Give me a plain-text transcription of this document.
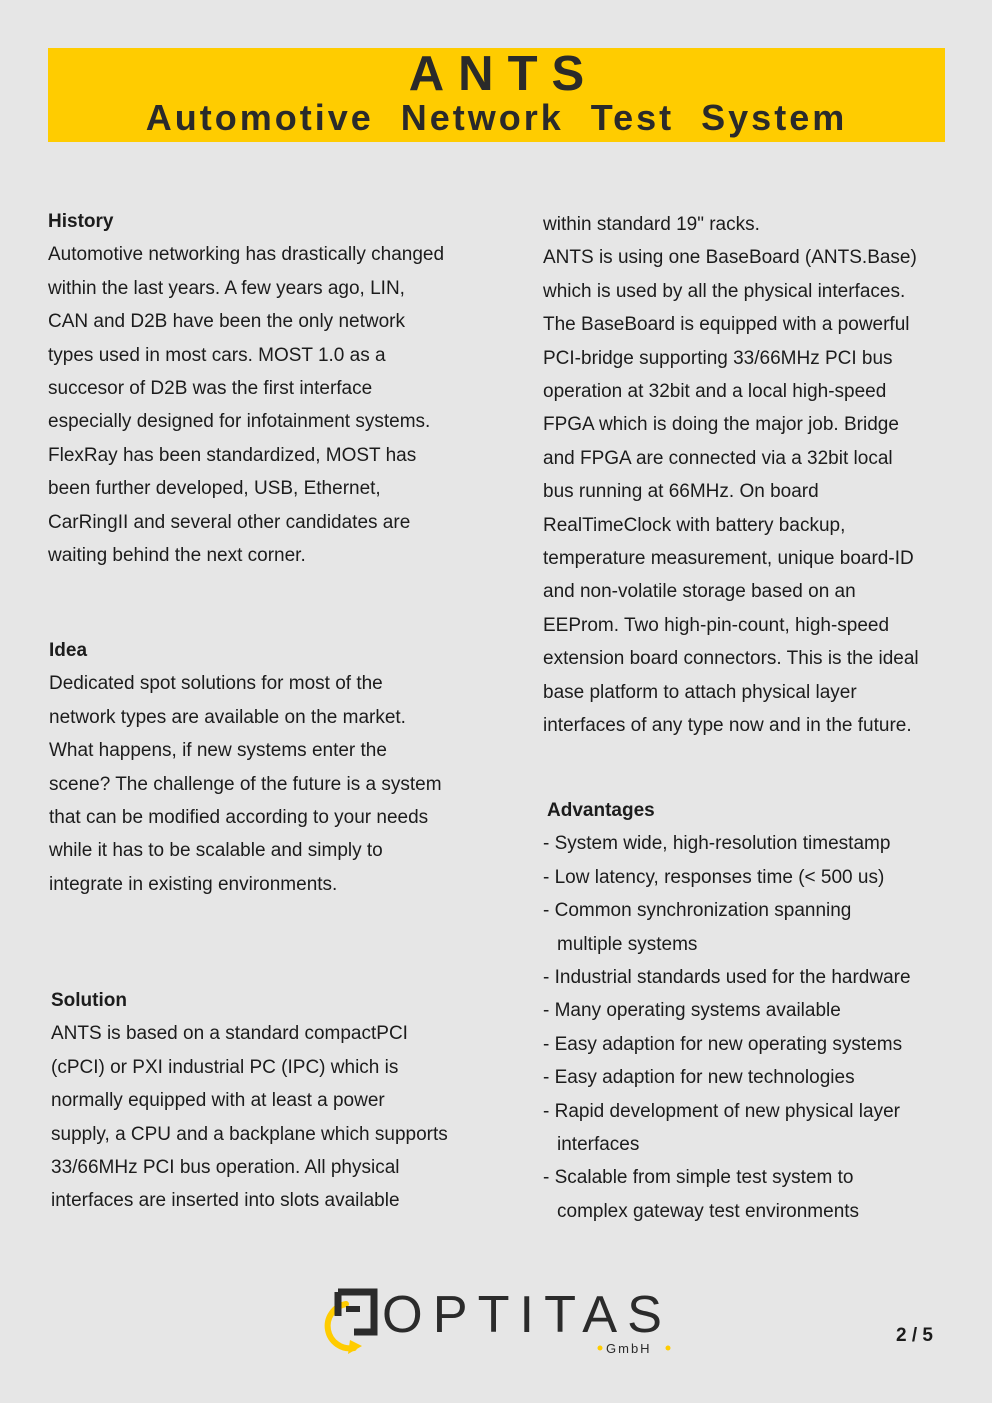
ANTS
Automotive Network Test System
History
Automotive networking has drastically changed
within the last years. A few years ago, LIN,
CAN and D2B have been the only network
types used in most cars. MOST 1.0 as a
succesor of D2B was the first interface
especially designed for infotainment systems.
FlexRay has been standardized, MOST has
been further developed, USB, Ethernet,
CarRingII and several other candidates are
waiting behind the next corner.
Idea
Dedicated spot solutions for most of the
network types are available on the market.
What happens, if new systems enter the
scene? The challenge of the future is a system
that can be modified according to your needs
while it has to be scalable and simply to
integrate in existing environments.
Solution
ANTS is based on a standard compactPCI
(cPCI) or PXI industrial PC (IPC) which is
normally equipped with at least a power
supply, a CPU and a backplane which supports
33/66MHz PCI bus operation. All physical
interfaces are inserted into slots available
within standard 19" racks.
ANTS is using one BaseBoard (ANTS.Base)
which is used by all the physical interfaces.
The BaseBoard is equipped with a powerful
PCI-bridge supporting 33/66MHz PCI bus
operation at 32bit and a local high-speed
FPGA which is doing the major job. Bridge
and FPGA are connected via a 32bit local
bus running at 66MHz. On board
RealTimeClock with battery backup,
temperature measurement, unique board-ID
and non-volatile storage based on an
EEProm. Two high-pin-count, high-speed
extension board connectors. This is the ideal
base platform to attach physical layer
interfaces of any type now and in the future.
Advantages
- System wide, high-resolution timestamp
- Low latency, responses time (< 500 us)
- Common synchronization spanning multiple systems
- Industrial standards used for the hardware
- Many operating systems available
- Easy adaption for new operating systems
- Easy adaption for new technologies
- Rapid development of new physical layer interfaces
- Scalable from simple test system to complex gateway test environments
OPTITAS
GmbH
2 / 5
